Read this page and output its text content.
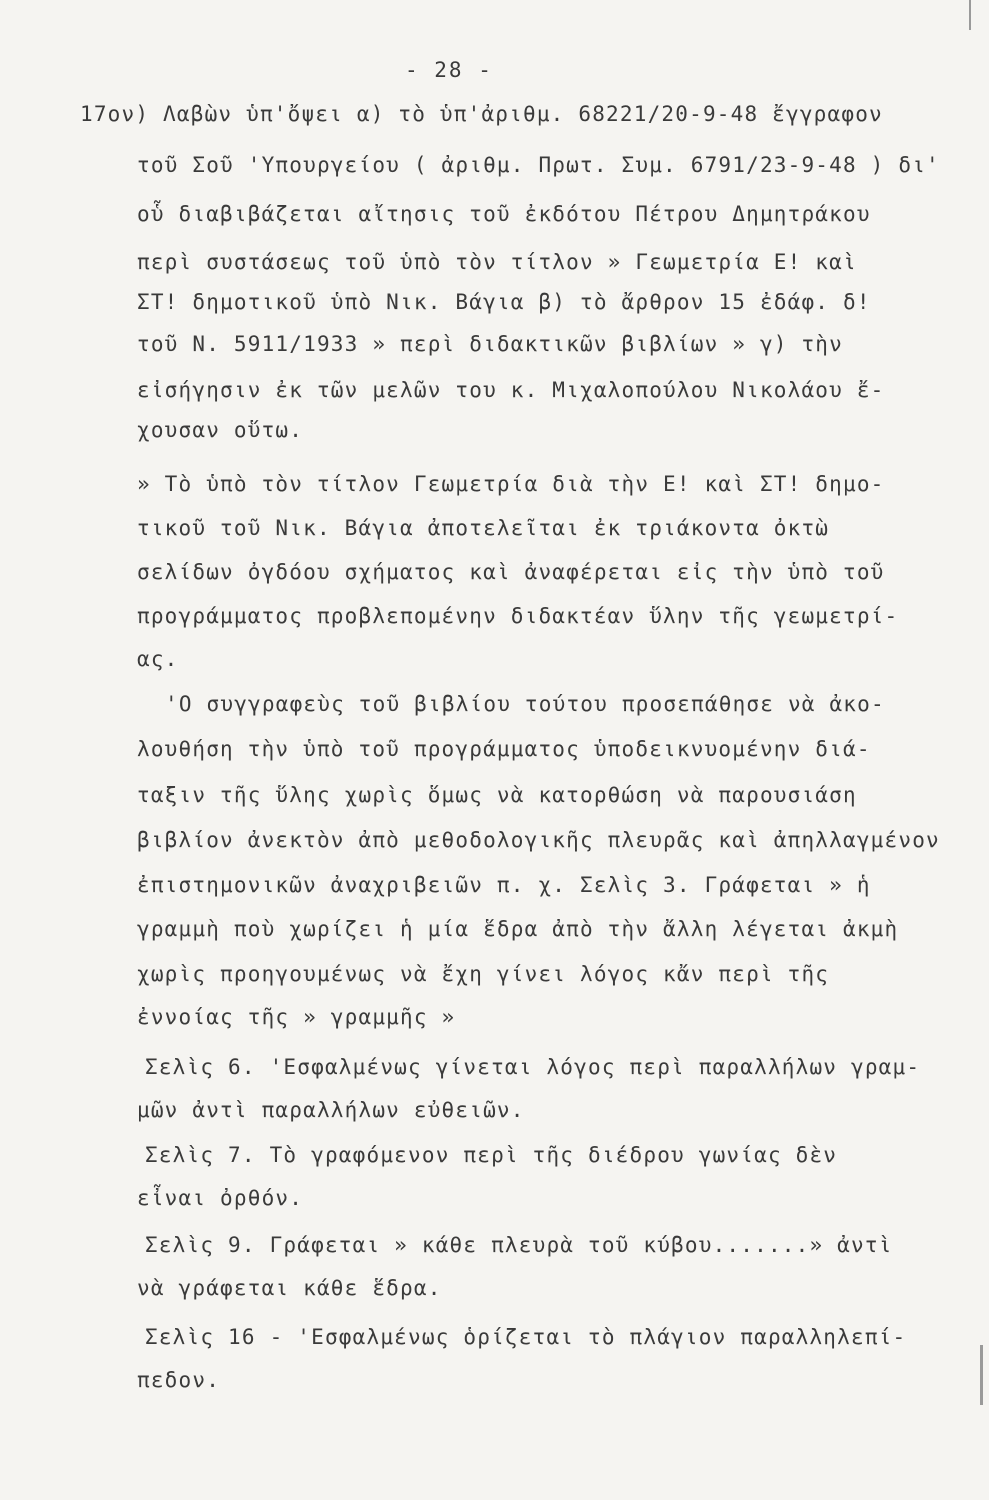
- 28 -
17ον) Λαβὼν ὑπ'ὄψει α) τὸ ὑπ'ἀριθμ. 68221/20-9-48 ἔγγραφον
τοῦ Σοῦ 'Υπουργείου ( ἀριθμ. Πρωτ. Συμ. 6791/23-9-48 ) δι'
οὗ διαβιβάζεται αἴτησις τοῦ ἐκδότου Πέτρου Δημητράκου
περὶ συστάσεως τοῦ ὑπὸ τὸν τίτλον » Γεωμετρία Ε! καὶ
ΣΤ! δημοτικοῦ ὑπὸ Νικ. Βάγια β) τὸ ἄρθρον 15 ἐδάφ. δ!
τοῦ Ν. 5911/1933 » περὶ διδακτικῶν βιβλίων » γ) τὴν
εἰσήγησιν ἐκ τῶν μελῶν του κ. Μιχαλοπούλου Νικολάου ἔ-
χουσαν οὕτω.
» Τὸ ὑπὸ τὸν τίτλον Γεωμετρία διὰ τὴν Ε! καὶ ΣΤ! δημο-
τικοῦ τοῦ Νικ. Βάγια ἀποτελεῖται ἐκ τριάκοντα ὀκτὼ
σελίδων ὀγδόου σχήματος καὶ ἀναφέρεται εἰς τὴν ὑπὸ τοῦ
προγράμματος προβλεπομένην διδακτέαν ὕλην τῆς γεωμετρί-
ας.
'Ο συγγραφεὺς τοῦ βιβλίου τούτου προσεπάθησε νὰ ἀκο-
λουθήση τὴν ὑπὸ τοῦ προγράμματος ὑποδεικνυομένην διά-
ταξιν τῆς ὕλης χωρὶς ὅμως νὰ κατορθώση νὰ παρουσιάση
βιβλίον ἀνεκτὸν ἀπὸ μεθοδολογικῆς πλευρᾶς καὶ ἀπηλλαγμένον
ἐπιστημονικῶν ἀναχριβειῶν π. χ. Σελὶς 3. Γράφεται » ἡ
γραμμὴ ποὺ χωρίζει ἡ μία ἕδρα ἀπὸ τὴν ἄλλη λέγεται ἀκμὴ
χωρὶς προηγουμένως νὰ ἔχη γίνει λόγος κἄν περὶ τῆς
ἐννοίας τῆς » γραμμῆς »
Σελὶς 6. 'Εσφαλμένως γίνεται λόγος περὶ παραλλήλων γραμ-
μῶν ἀντὶ παραλλήλων εὐθειῶν.
Σελὶς 7. Τὸ γραφόμενον περὶ τῆς διέδρου γωνίας δὲν
εἶναι ὀρθόν.
Σελὶς 9. Γράφεται » κάθε πλευρὰ τοῦ κύβου.......» ἀντὶ
νὰ γράφεται κάθε ἕδρα.
Σελὶς 16 - 'Εσφαλμένως ὁρίζεται τὸ πλάγιον παραλληλεπί-
πεδον.
